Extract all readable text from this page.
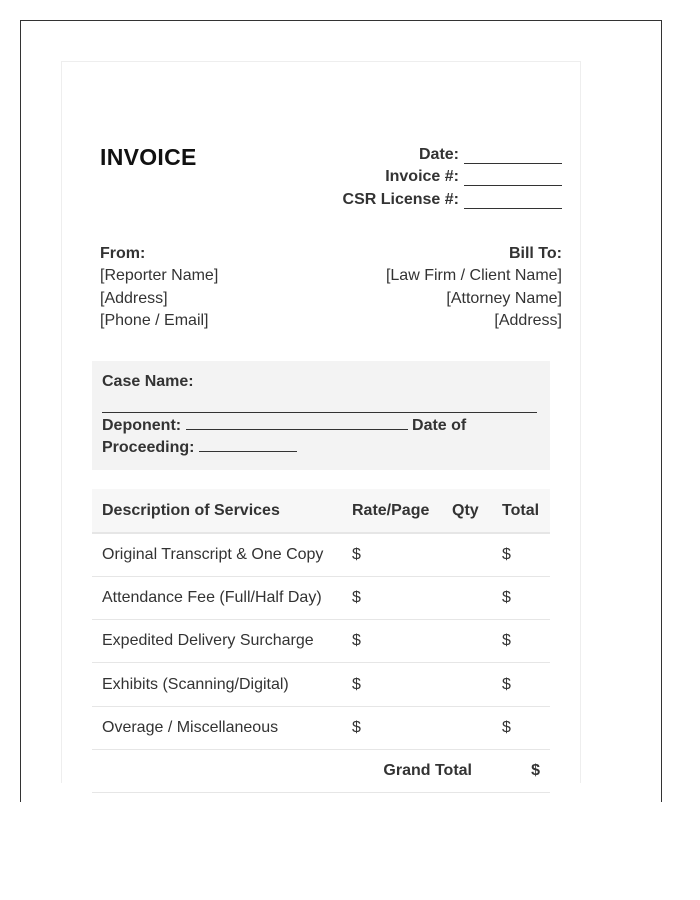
INVOICE	Date:
Invoice #:
CSR License #:
From:
[Reporter Name]
[Address]
[Phone / Email]
Bill To:
[Law Firm / Client Name]
[Attorney Name]
[Address]
Case Name:
Deponent:	Date of
Proceeding:
Description of Services	Rate/Page	Qty	Total
Original Transcript & One Copy	$		$
Attendance Fee (Full/Half Day)	$		$
Expedited Delivery Surcharge	$		$
Exhibits (Scanning/Digital)	$		$
Overage / Miscellaneous	$		$
Grand Total			$
